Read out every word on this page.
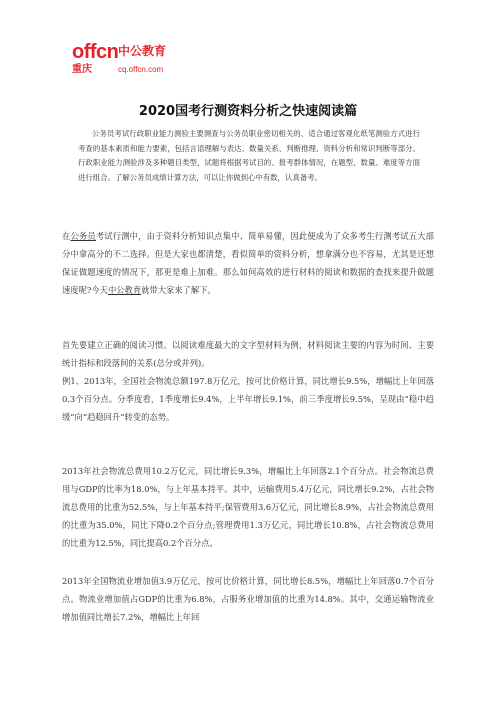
offcn 中公教育
重庆	cq.offcn.com
2020国考行测资料分析之快速阅读篇

公务员考试行政职业能力测验主要测查与公务员职业密切相关的、适合通过客观化纸笔测验方式进行考查的基本素质和能力要素，包括言语理解与表达、数量关系、判断推理、资料分析和常识判断等部分。行政职业能力测验涉及多种题目类型，试题将根据考试目的、报考群体情况，在题型、数量、难度等方面进行组合。了解公务员成绩计算方法，可以让你做到心中有数，认真备考。

在公务员考试行测中，由于资料分析知识点集中、简单易懂，因此便成为了众多考生行测考试五大部分中拿高分的不二选择。但是大家也都清楚，看似简单的资料分析，想拿满分也不容易，尤其是还想保证做题速度的情况下，那更是难上加难。那么如何高效的进行材料的阅读和数据的查找来提升做题速度呢?今天中公教育就带大家来了解下。

首先要建立正确的阅读习惯。以阅读难度最大的文字型材料为例，材料阅读主要的内容为时间、主要统计指标和段落间的关系(总分或并列)。

例1、2013年，全国社会物流总额197.8万亿元，按可比价格计算，同比增长9.5%，增幅比上年回落0.3个百分点。分季度看，1季度增长9.4%，上半年增长9.1%，前三季度增长9.5%，呈现由“稳中趋缓”向“趋稳回升”转变的态势。

2013年社会物流总费用10.2万亿元，同比增长9.3%，增幅比上年回落2.1个百分点。社会物流总费用与GDP的比率为18.0%，与上年基本持平。其中，运输费用5.4万亿元，同比增长9.2%，占社会物流总费用的比重为52.5%，与上年基本持平;保管费用3.6万亿元，同比增长8.9%，占社会物流总费用的比重为35.0%，同比下降0.2个百分点;管理费用1.3万亿元，同比增长10.8%，占社会物流总费用的比重为12.5%，同比提高0.2个百分点。

2013年全国物流业增加值3.9万亿元，按可比价格计算，同比增长8.5%，增幅比上年回落0.7个百分点。物流业增加值占GDP的比重为6.8%，占服务业增加值的比重为14.8%。其中，交通运输物流业增加值同比增长7.2%，增幅比上年回
